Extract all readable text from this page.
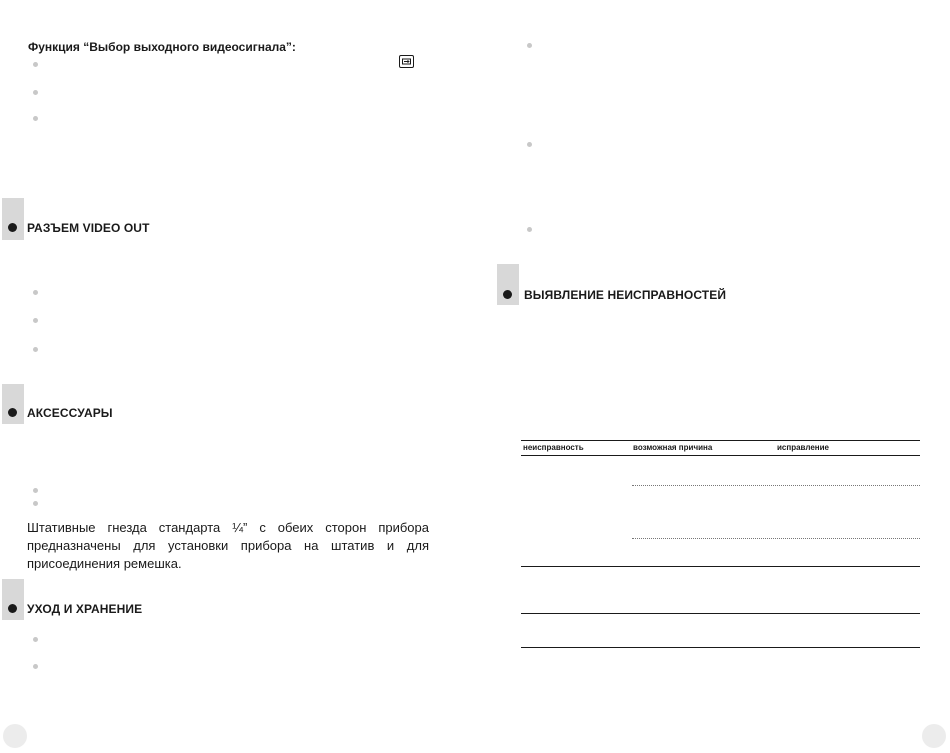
Функция “Выбор выходного видеосигнала”:
РАЗЪЕМ VIDEO OUT
АКСЕССУАРЫ
Штативные гнезда стандарта ¼” с обеих сторон прибора предназначены для установки прибора на штатив и для присоединения ремешка.
УХОД И ХРАНЕНИЕ
ВЫЯВЛЕНИЕ НЕИСПРАВНОСТЕЙ
неисправность	возможная причина	исправление
